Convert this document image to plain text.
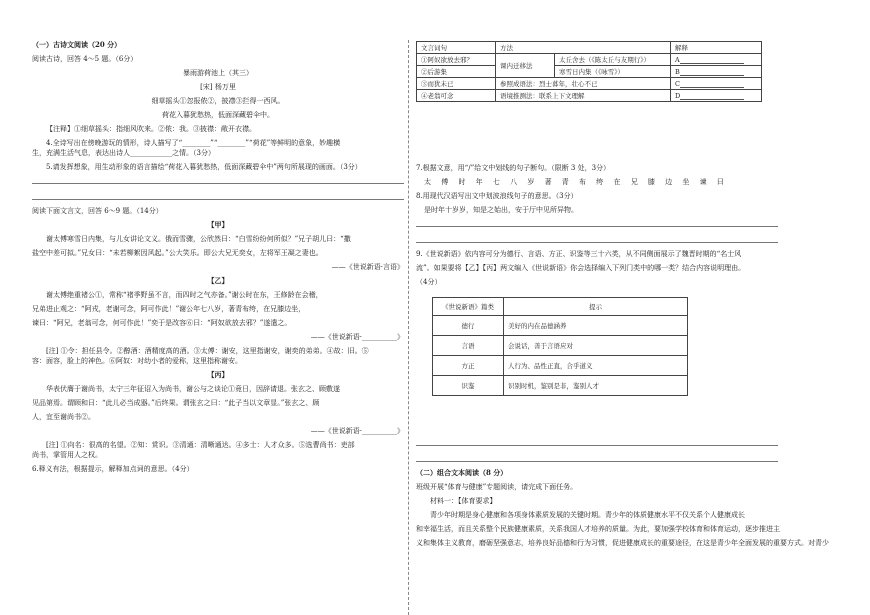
（一）古诗文阅读（20 分）
阅读古诗，回答 4～5 题。（6分）
暴雨游荷池上（其三）
[宋] 杨万里
细草摇头①忽报侬②，披襟③拦得一西风。
荷花入暮犹愁热，低面深藏碧伞中。
【注释】①细草摇头：指细风吹来。②侬：我。③披襟：敞开衣襟。
4.全诗写出在傍晚游玩的情形，诗人描写了“________”“________”“荷花”等鲜明的意象，妙趣横
生，充满生活气息，表达出诗人____________之情。（3分）
5.请发挥想象，用生动形象的语言描绘“荷花入暮犹愁热，低面深藏碧伞中”两句所展现的画面。（3分）
阅读下面文言文，回答 6～9 题。（14分）
【甲】
谢太傅寒雪日内集，与儿女讲论文义。俄而雪骤，公欣然曰：“白雪纷纷何所似？”兄子胡儿曰：“撒
盐空中差可拟。”兄女曰：“未若柳絮因风起。”公大笑乐。即公大兄无奕女，左将军王凝之妻也。
——《世说新语·言语》
【乙】
谢太傅绝重褚公①，常称“褚季野虽不言，而四时之气亦备。”谢公时在东，王修龄在会稽，
兄弟进止观之：“阿戎，老谢可念，阿可作此！”谢公年七八岁，著青布绔，在兄膝边坐，
谏曰：“阿兄，老翁可念，何可作此！”奕于是改容⑥曰：“阿奴欲放去邪？”遂遣之。
——《世说新语·__________》
[注] ①令：担任县令。②醇酒：酒精度高的酒。③太傅：谢安，这里指谢安，谢奕的弟弟。④故：旧。⑤
容：面容，脸上的神色。⑥阿奴：对幼小者的爱称，这里指称谢安。
【丙】
华表伏膺于谢尚书，太宁三年征诏入为尚书，谢公与之谈论①竟日，因辞请退。张玄之、顾敷遂
见品第焉。谓顾和曰：“此儿必当成器。”后终果。谓张玄之曰：“此子当以文章显。”张玄之、顾
人，宜至谢尚书②。
——《世说新语·__________》
[注] ①向名：很高的名望。②知：赏识。③清通：清晰通达。④多士：人才众多。⑤选曹尚书：吏部
尚书，掌管用人之权。
6.释义有法，根据提示，解释加点词的意思。（4分）
文言词句	方法		解释
①阿奴欲放去邪？	课内迁移法	太丘舍去（《陈太丘与友期行》）	A
②后游集		寒雪日内集（《咏雪》）	B
③而犹未已	参照成语法：烈士暮年，壮心不已		C
④老翁可念	语境推测法：联系上下文理解		D
7.根据文意，用“/”给文中划线的句子断句。（限断 3 处，3分）
太 傅 时 年 七 八 岁 著 青 布 绔 在 兄 膝 边 坐 谏 曰
8.用现代汉语写出文中划波浪线句子的意思。（3分）
是时年十岁岁，知是之始出，安于厅中见所异物。
9.《世说新语》依内容可分为德行、言语、方正、识鉴等三十六类，从不同侧面展示了魏晋时期的“名士风
流”。如果要将【乙】【丙】两文编入《世说新语》你会选择编入下列门类中的哪一类？结合内容说明理由。
（4分）
《世说新语》篇类	提示
德行	美好的内在品德涵养
言语	会说话，善于言语应对
方正	人行为、品性正直，合乎道义
识鉴	识别时机，鉴别是非，鉴别人才
（二）组合文本阅读（8 分）
班级开展“体育与健康”专题阅读，请完成下面任务。
材料一：【体育要求】
青少年时期是身心健康和各项身体素质发展的关键时期。青少年的体质健康水平不仅关系个人健康成长
和幸福生活，而且关系整个民族健康素质，关系我国人才培养的质量。为此，要加强学校体育和体育运动，逐步推进主
义和集体主义教育，磨砺坚强意志，培养良好品德和行为习惯，促进健康成长的重要途径，在这是青少年全面发展的重要方式。对青少
